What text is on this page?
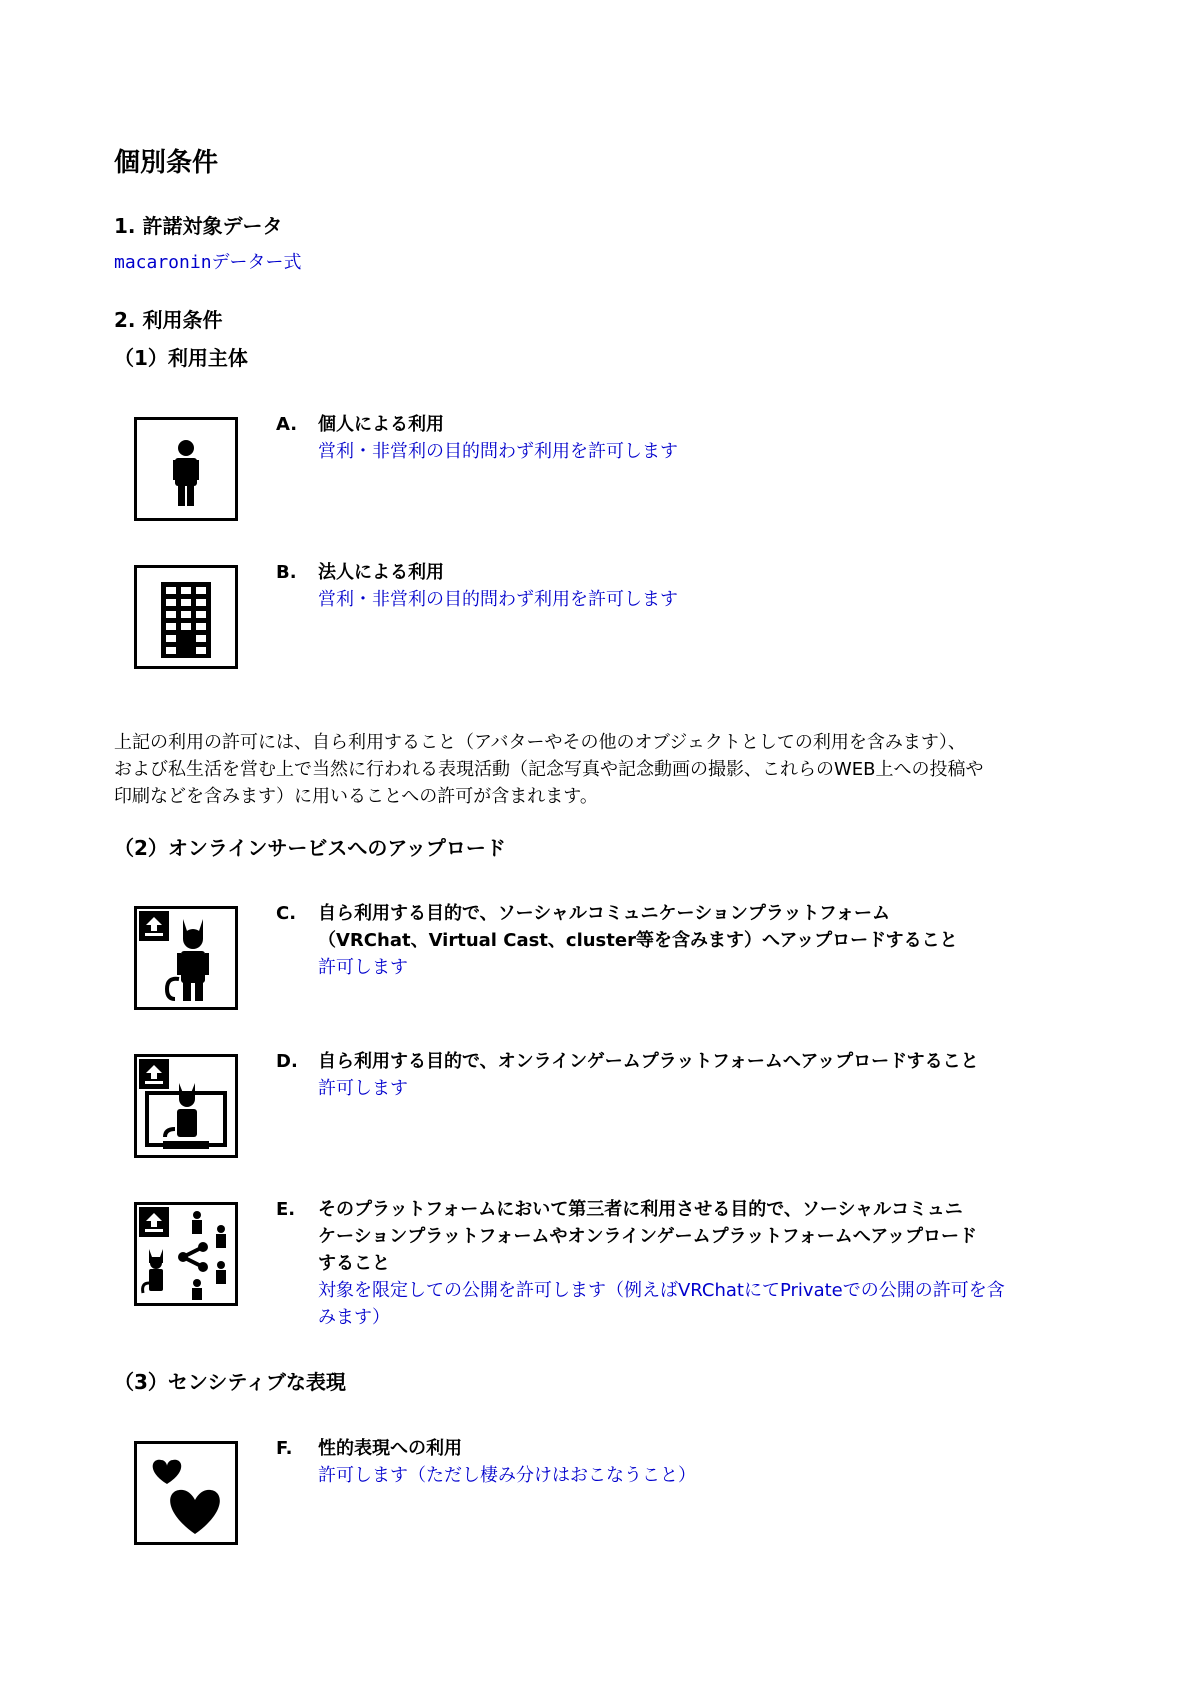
個別条件
1. 許諾対象データ
macaroninデーター式
2. 利用条件
（1）利用主体
A. 個人による利用
営利・非営利の目的問わず利用を許可します
B. 法人による利用
営利・非営利の目的問わず利用を許可します
上記の利用の許可には、自ら利用すること（アバターやその他のオブジェクトとしての利用を含みます）、
および私生活を営む上で当然に行われる表現活動（記念写真や記念動画の撮影、これらのWEB上への投稿や
印刷などを含みます）に用いることへの許可が含まれます。
（2）オンラインサービスへのアップロード
C. 自ら利用する目的で、ソーシャルコミュニケーションプラットフォーム
（VRChat、Virtual Cast、cluster等を含みます）へアップロードすること
許可します
D. 自ら利用する目的で、オンラインゲームプラットフォームへアップロードすること
許可します
E. そのプラットフォームにおいて第三者に利用させる目的で、ソーシャルコミュニ
ケーションプラットフォームやオンラインゲームプラットフォームへアップロード
すること
対象を限定しての公開を許可します（例えばVRChatにてPrivateでの公開の許可を含
みます）
（3）センシティブな表現
F. 性的表現への利用
許可します（ただし棲み分けはおこなうこと）
